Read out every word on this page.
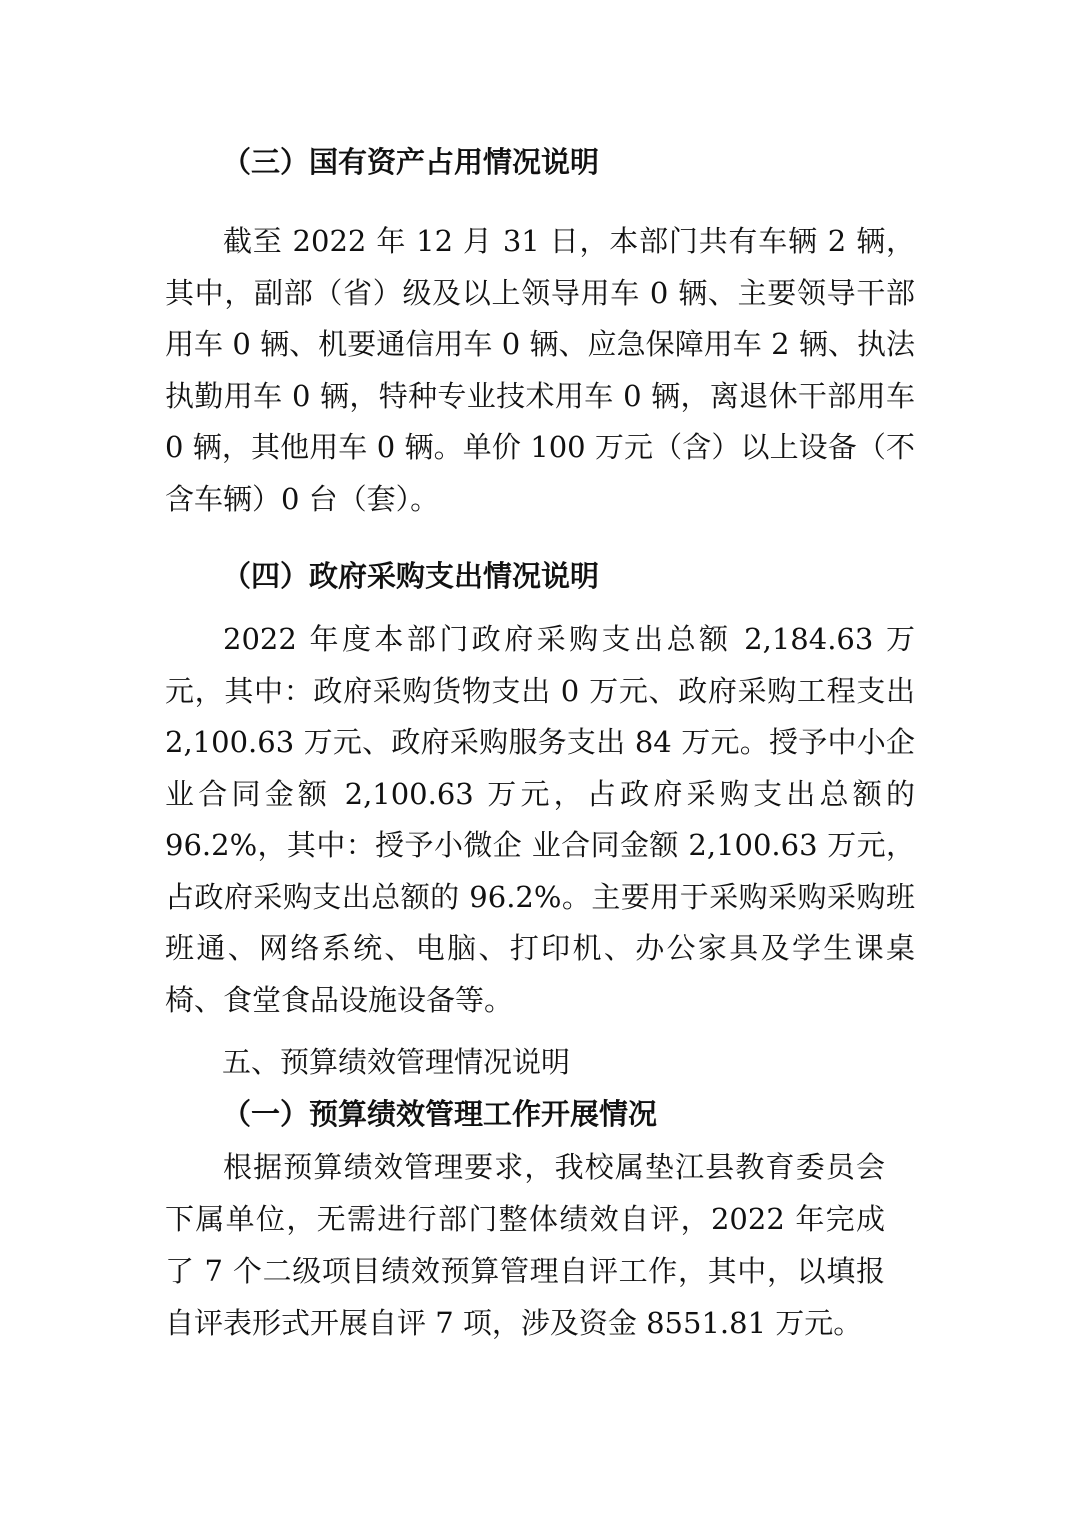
（三）国有资产占用情况说明
截至 2022 年 12 月 31 日，本部门共有车辆 2 辆，其中，副部（省）级及以上领导用车 0 辆、主要领导干部用车 0 辆、机要通信用车 0 辆、应急保障用车 2 辆、执法执勤用车 0 辆，特种专业技术用车 0 辆，离退休干部用车 0 辆，其他用车 0 辆。单价 100 万元（含）以上设备（不含车辆）0 台（套）。
（四）政府采购支出情况说明
2022 年度本部门政府采购支出总额 2,184.63 万元，其中：政府采购货物支出 0 万元、政府采购工程支出 2,100.63 万元、政府采购服务支出 84 万元。授予中小企业合同金额 2,100.63 万元，占政府采购支出总额的 96.2%，其中：授予小微企 业合同金额 2,100.63 万元，占政府采购支出总额的 96.2%。主要用于采购采购采购班班通、网络系统、电脑、打印机、办公家具及学生课桌椅、食堂食品设施设备等。
五、预算绩效管理情况说明
（一）预算绩效管理工作开展情况
根据预算绩效管理要求，我校属垫江县教育委员会下属单位，无需进行部门整体绩效自评，2022 年完成了 7 个二级项目绩效预算管理自评工作，其中，以填报自评表形式开展自评 7 项，涉及资金 8551.81 万元。
